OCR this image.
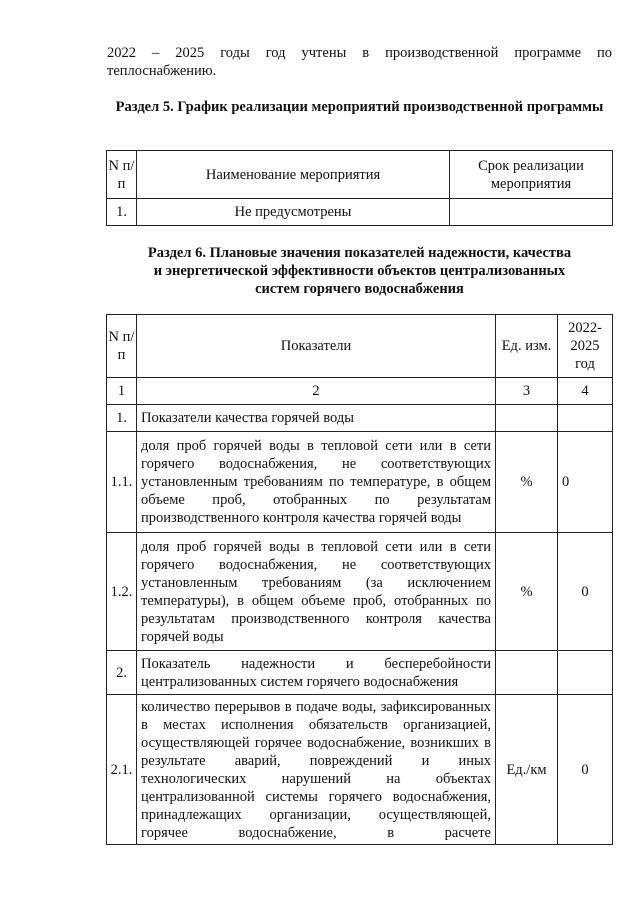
2022 – 2025 годы год учтены в производственной программе по теплоснабжению.
Раздел 5. График реализации мероприятий производственной программы
N п/п	Наименование мероприятия	Срок реализации мероприятия
1.	Не предусмотрены	
Раздел 6. Плановые значения показателей надежности, качества
и энергетической эффективности объектов централизованных
систем горячего водоснабжения
N п/п	Показатели	Ед. изм.	2022-2025 год
1	2	3	4
1.	Показатели качества горячей воды		
1.1.	доля проб горячей воды в тепловой сети или в сети горячего водоснабжения, не соответствующих установленным требованиям по температуре, в общем объеме проб, отобранных по результатам производственного контроля качества горячей воды	%	0
1.2.	доля проб горячей воды в тепловой сети или в сети горячего водоснабжения, не соответствующих установленным требованиям (за исключением температуры), в общем объеме проб, отобранных по результатам производственного контроля качества горячей воды	%	0
2.	Показатель надежности и бесперебойности централизованных систем горячего водоснабжения		
2.1.	количество перерывов в подаче воды, зафиксированных в местах исполнения обязательств организацией, осуществляющей горячее водоснабжение, возникших в результате аварий, повреждений и иных технологических нарушений на объектах централизованной системы горячего водоснабжения, принадлежащих организации, осуществляющей, горячее водоснабжение, в расчете	Ед./км	0
